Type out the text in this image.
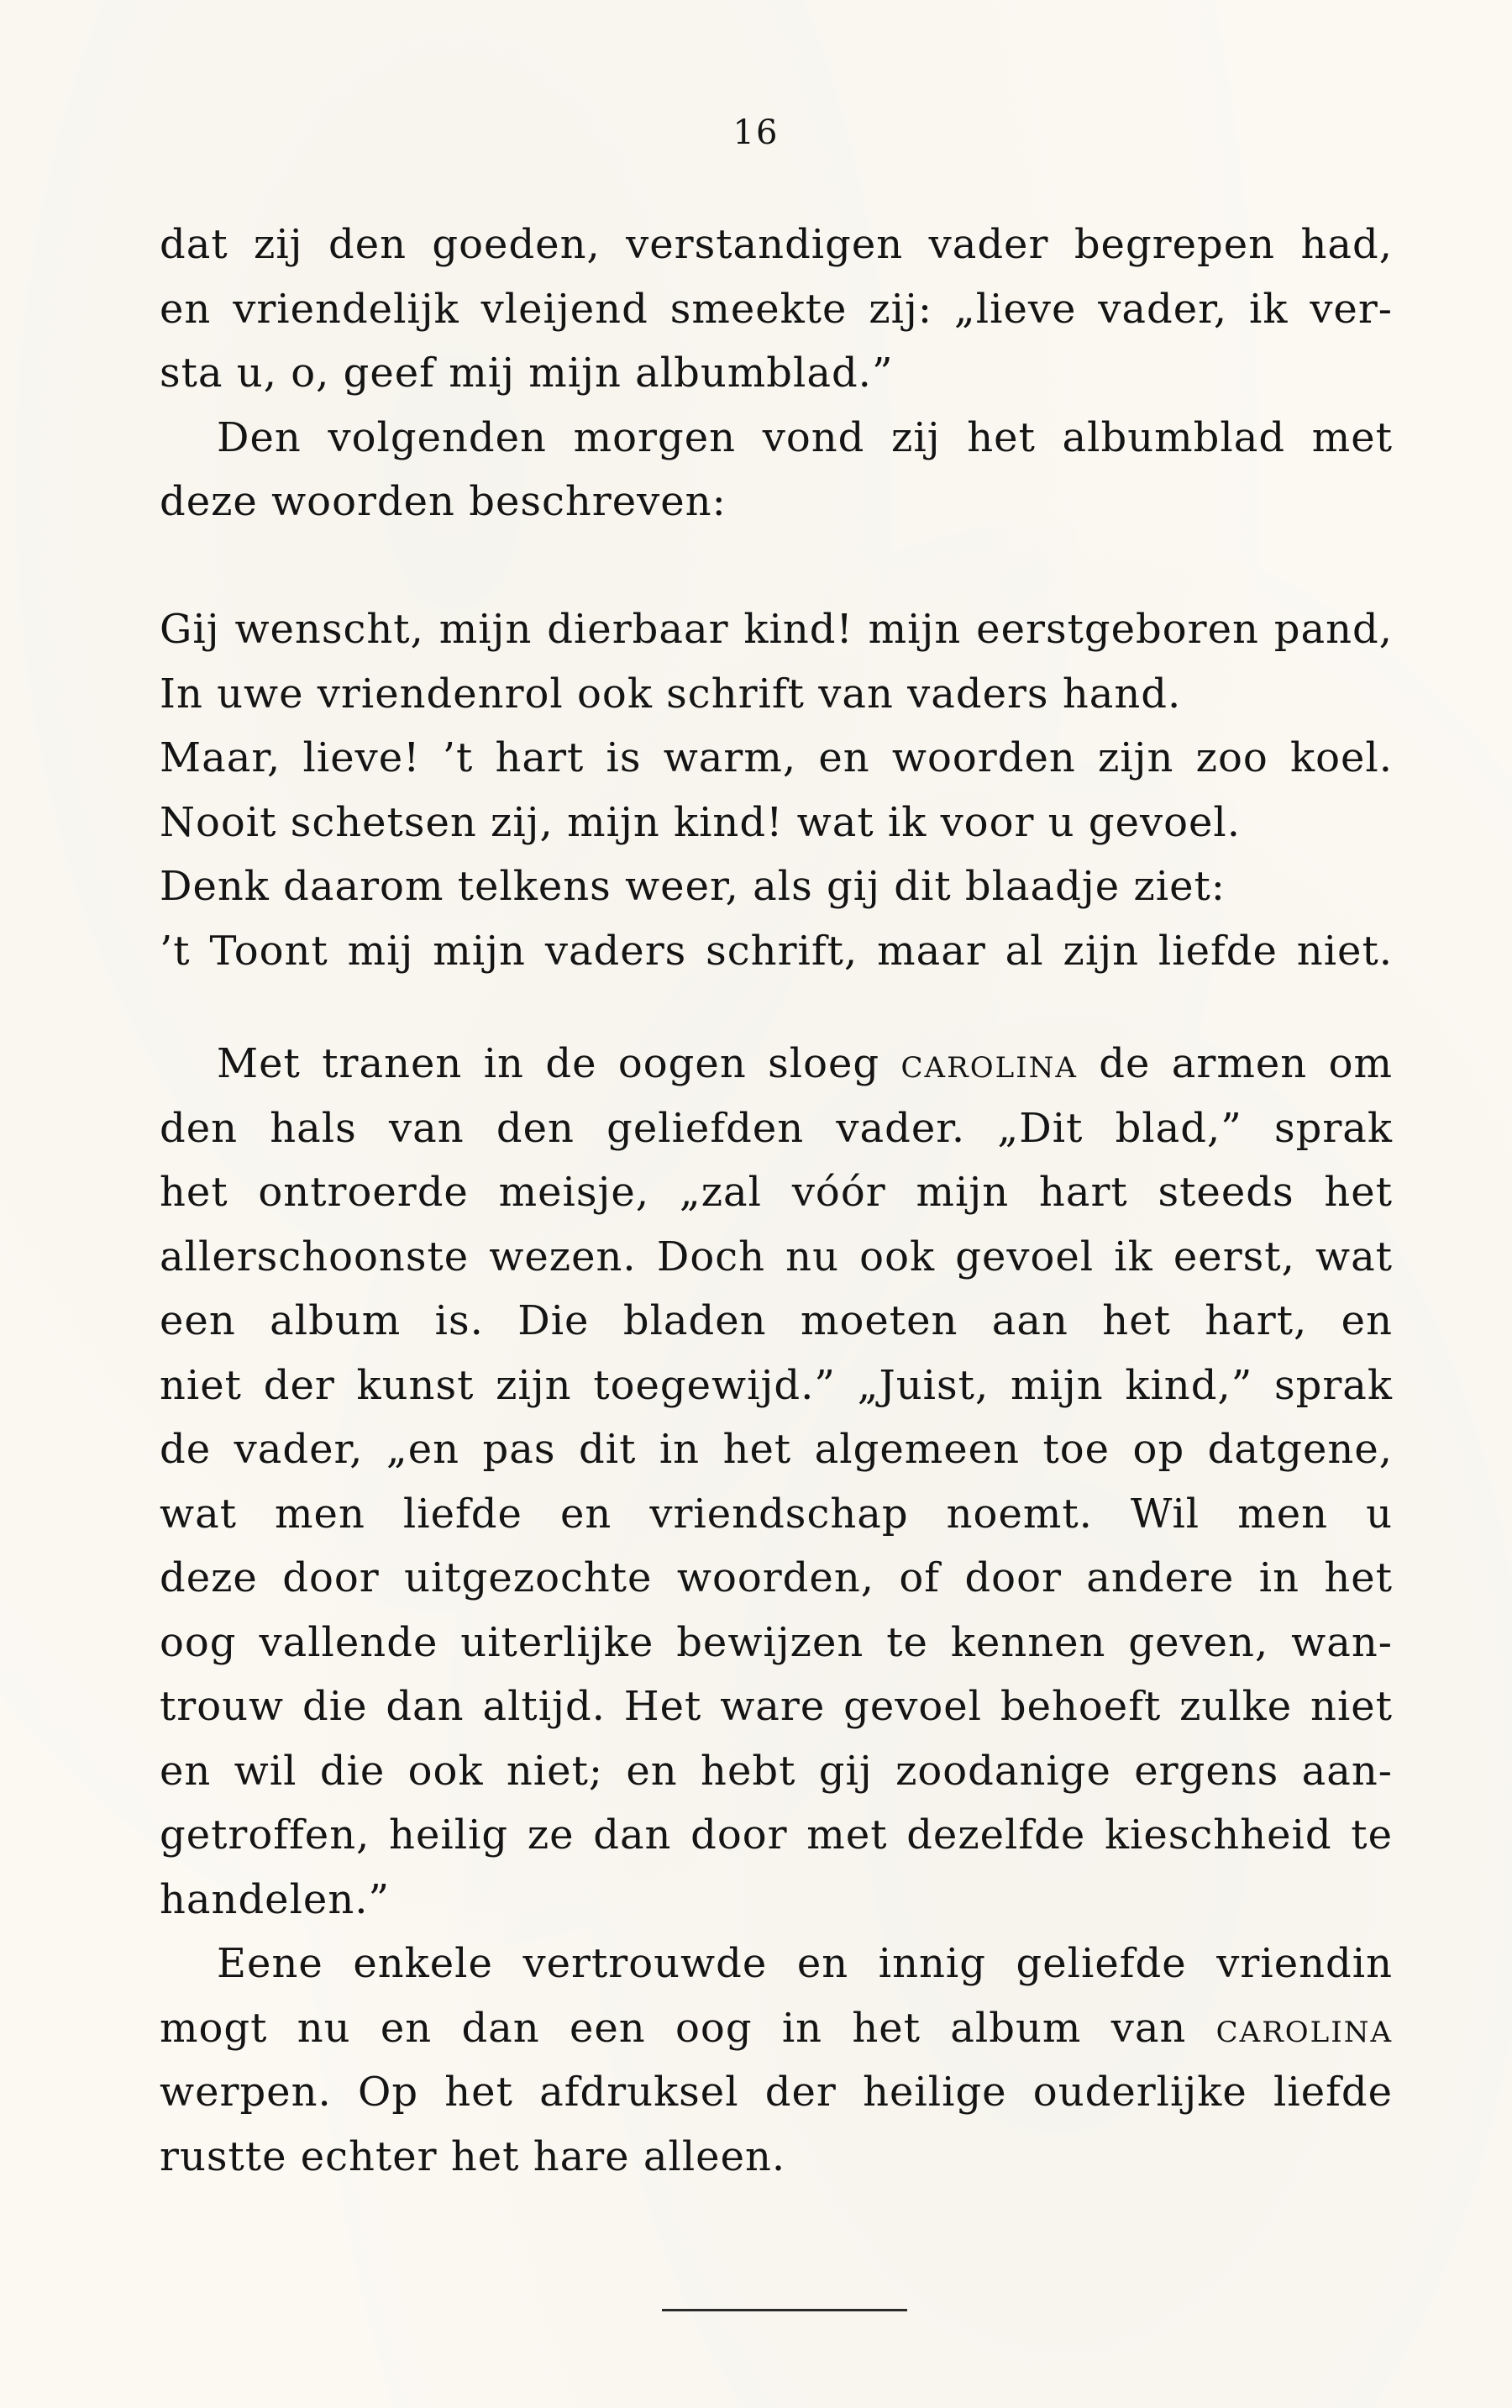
16
dat zij den goeden, verstandigen vader begrepen had,
en vriendelijk vleijend smeekte zij: „lieve vader, ik ver-
sta u, o, geef mij mijn albumblad.”
Den volgenden morgen vond zij het albumblad met
deze woorden beschreven:
Gij wenscht, mijn dierbaar kind! mijn eerstgeboren pand,
In uwe vriendenrol ook schrift van vaders hand.
Maar, lieve! ’t hart is warm, en woorden zijn zoo koel.
Nooit schetsen zij, mijn kind! wat ik voor u gevoel.
Denk daarom telkens weer, als gij dit blaadje ziet:
’t Toont mij mijn vaders schrift, maar al zijn liefde niet.
Met tranen in de oogen sloeg carolina de armen om
den hals van den geliefden vader. „Dit blad,” sprak
het ontroerde meisje, „zal vóór mijn hart steeds het
allerschoonste wezen. Doch nu ook gevoel ik eerst, wat
een album is. Die bladen moeten aan het hart, en
niet der kunst zijn toegewijd.” „Juist, mijn kind,” sprak
de vader, „en pas dit in het algemeen toe op datgene,
wat men liefde en vriendschap noemt. Wil men u
deze door uitgezochte woorden, of door andere in het
oog vallende uiterlijke bewijzen te kennen geven, wan-
trouw die dan altijd. Het ware gevoel behoeft zulke niet
en wil die ook niet; en hebt gij zoodanige ergens aan-
getroffen, heilig ze dan door met dezelfde kieschheid te
handelen.”
Eene enkele vertrouwde en innig geliefde vriendin
mogt nu en dan een oog in het album van carolina
werpen. Op het afdruksel der heilige ouderlijke liefde
rustte echter het hare alleen.
